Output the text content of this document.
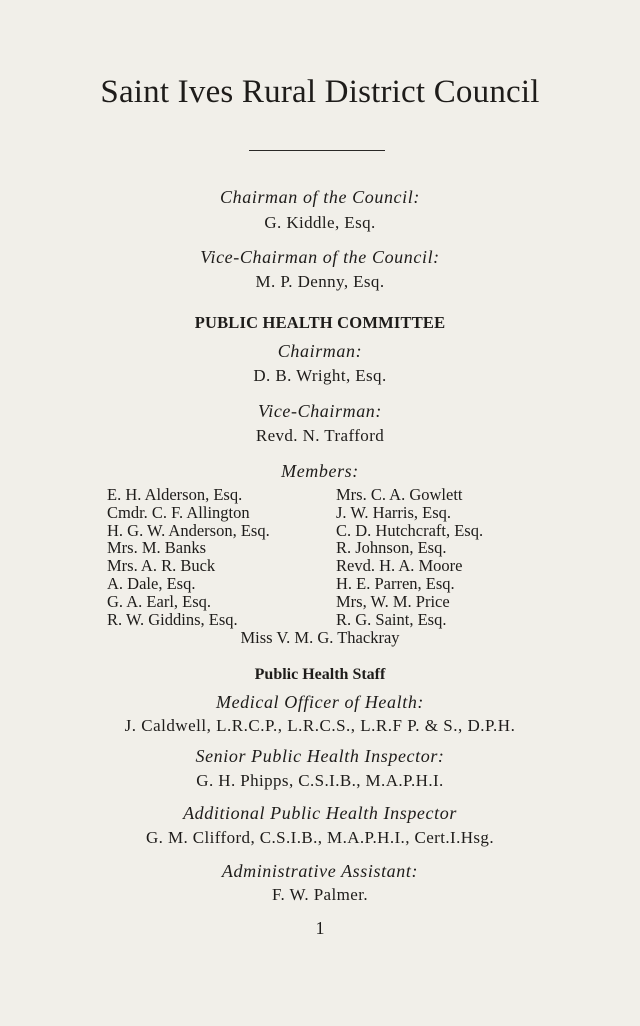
Saint Ives Rural District Council
Chairman of the Council:
G. Kiddle, Esq.
Vice-Chairman of the Council:
M. P. Denny, Esq.
PUBLIC HEALTH COMMITTEE
Chairman:
D. B. Wright, Esq.
Vice-Chairman:
Revd. N. Trafford
Members:
E. H. Alderson, Esq.
Cmdr. C. F. Allington
H. G. W. Anderson, Esq.
Mrs. M. Banks
Mrs. A. R. Buck
A. Dale, Esq.
G. A. Earl, Esq.
R. W. Giddins, Esq.
Mrs. C. A. Gowlett
J. W. Harris, Esq.
C. D. Hutchcraft, Esq.
R. Johnson, Esq.
Revd. H. A. Moore
H. E. Parren, Esq.
Mrs, W. M. Price
R. G. Saint, Esq.
Miss V. M. G. Thackray
Public Health Staff
Medical Officer of Health:
J. Caldwell, L.R.C.P., L.R.C.S., L.R.F P. & S., D.P.H.
Senior Public Health Inspector:
G. H. Phipps, C.S.I.B., M.A.P.H.I.
Additional Public Health Inspector
G. M. Clifford, C.S.I.B., M.A.P.H.I., Cert.I.Hsg.
Administrative Assistant:
F. W. Palmer.
1
